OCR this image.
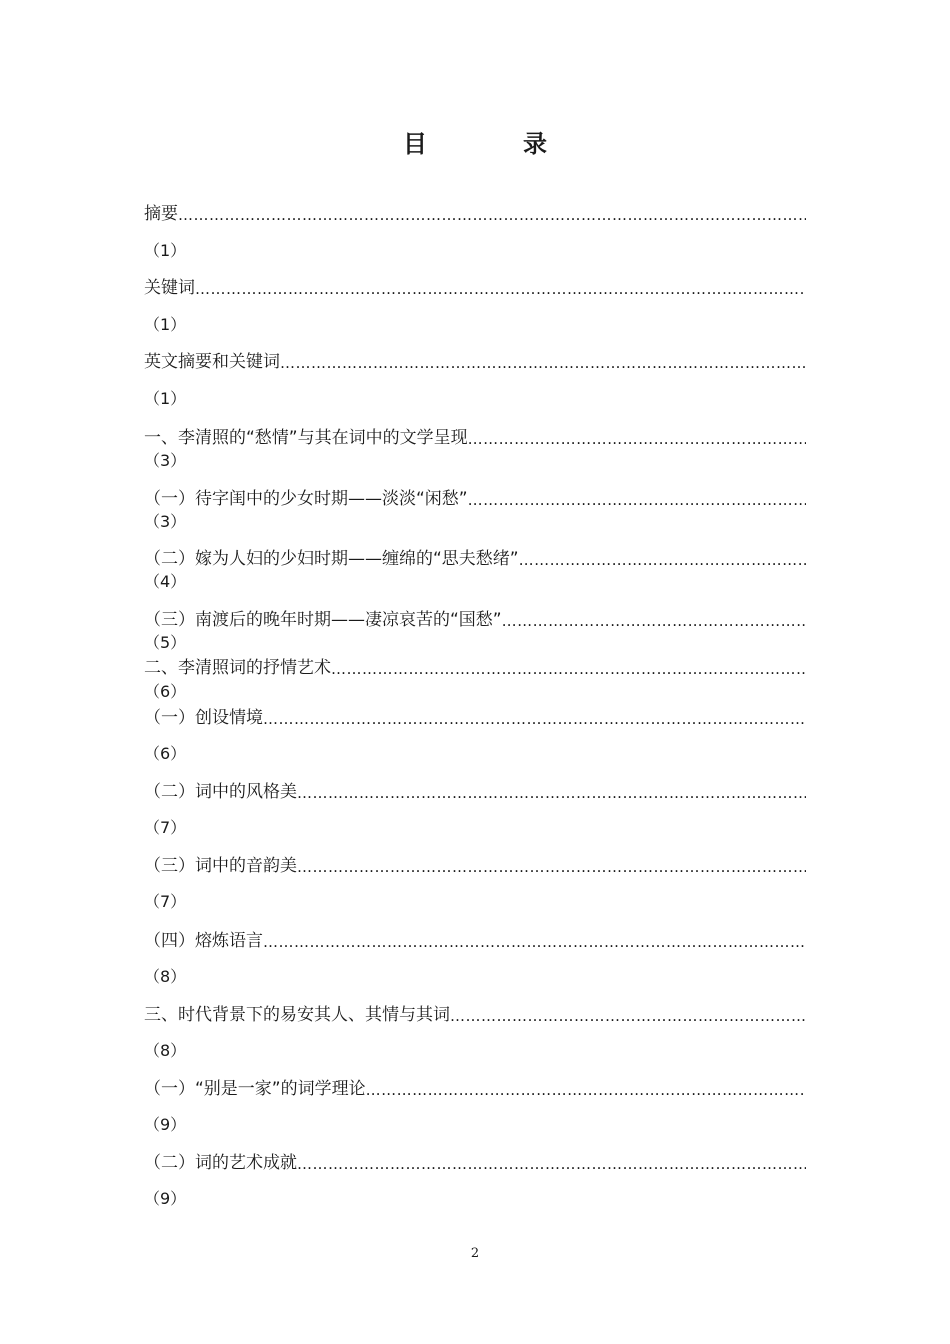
目　录
摘要
…………………………………………………………………………………………………………………………………………………………………………………………………
（1）
关键词
…………………………………………………………………………………………………………………………………………………………………………………………………
（1）
英文摘要和关键词
…………………………………………………………………………………………………………………………………………………………………………………………………
（1）
一、李清照的“愁情”与其在词中的文学呈现
…………………………………………………………………………………………………………………………………………………………………………………………………
（3）
（一）待字闺中的少女时期——淡淡“闲愁”
…………………………………………………………………………………………………………………………………………………………………………………………………
（3）
（二）嫁为人妇的少妇时期——缠绵的“思夫愁绪”
…………………………………………………………………………………………………………………………………………………………………………………………………
（4）
（三）南渡后的晚年时期——凄凉哀苦的“国愁”
…………………………………………………………………………………………………………………………………………………………………………………………………
（5）
二、李清照词的抒情艺术
…………………………………………………………………………………………………………………………………………………………………………………………………
（6）
（一）创设情境
…………………………………………………………………………………………………………………………………………………………………………………………………
（6）
（二）词中的风格美
…………………………………………………………………………………………………………………………………………………………………………………………………
（7）
（三）词中的音韵美
…………………………………………………………………………………………………………………………………………………………………………………………………
（7）
（四）熔炼语言
…………………………………………………………………………………………………………………………………………………………………………………………………
（8）
三、时代背景下的易安其人、其情与其词
…………………………………………………………………………………………………………………………………………………………………………………………………
（8）
（一）“别是一家”的词学理论
…………………………………………………………………………………………………………………………………………………………………………………………………
（9）
（二）词的艺术成就
…………………………………………………………………………………………………………………………………………………………………………………………………
（9）
2
